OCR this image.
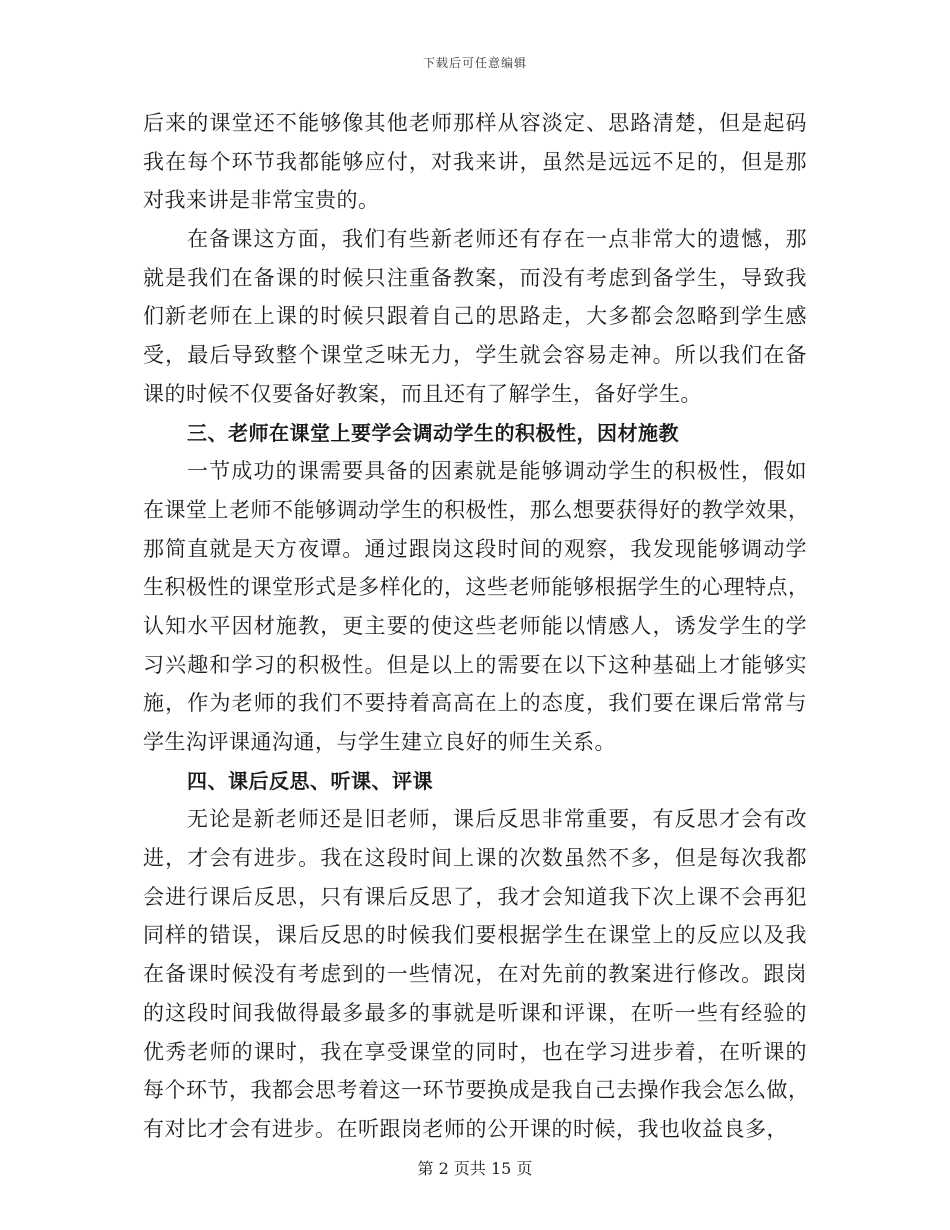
下载后可任意编辑
后来的课堂还不能够像其他老师那样从容淡定、思路清楚，但是起码
我在每个环节我都能够应付，对我来讲，虽然是远远不足的，但是那
对我来讲是非常宝贵的。
在备课这方面，我们有些新老师还有存在一点非常大的遗憾，那
就是我们在备课的时候只注重备教案，而没有考虑到备学生，导致我
们新老师在上课的时候只跟着自己的思路走，大多都会忽略到学生感
受，最后导致整个课堂乏味无力，学生就会容易走神。所以我们在备
课的时候不仅要备好教案，而且还有了解学生，备好学生。
三、老师在课堂上要学会调动学生的积极性，因材施教
一节成功的课需要具备的因素就是能够调动学生的积极性，假如
在课堂上老师不能够调动学生的积极性，那么想要获得好的教学效果，
那简直就是天方夜谭。通过跟岗这段时间的观察，我发现能够调动学
生积极性的课堂形式是多样化的，这些老师能够根据学生的心理特点，
认知水平因材施教，更主要的使这些老师能以情感人，诱发学生的学
习兴趣和学习的积极性。但是以上的需要在以下这种基础上才能够实
施，作为老师的我们不要持着高高在上的态度，我们要在课后常常与
学生沟评课通沟通，与学生建立良好的师生关系。
四、课后反思、听课、评课
无论是新老师还是旧老师，课后反思非常重要，有反思才会有改
进，才会有进步。我在这段时间上课的次数虽然不多，但是每次我都
会进行课后反思，只有课后反思了，我才会知道我下次上课不会再犯
同样的错误，课后反思的时候我们要根据学生在课堂上的反应以及我
在备课时候没有考虑到的一些情况，在对先前的教案进行修改。跟岗
的这段时间我做得最多最多的事就是听课和评课，在听一些有经验的
优秀老师的课时，我在享受课堂的同时，也在学习进步着，在听课的
每个环节，我都会思考着这一环节要换成是我自己去操作我会怎么做，
有对比才会有进步。在听跟岗老师的公开课的时候，我也收益良多，
第 2 页共 15 页
